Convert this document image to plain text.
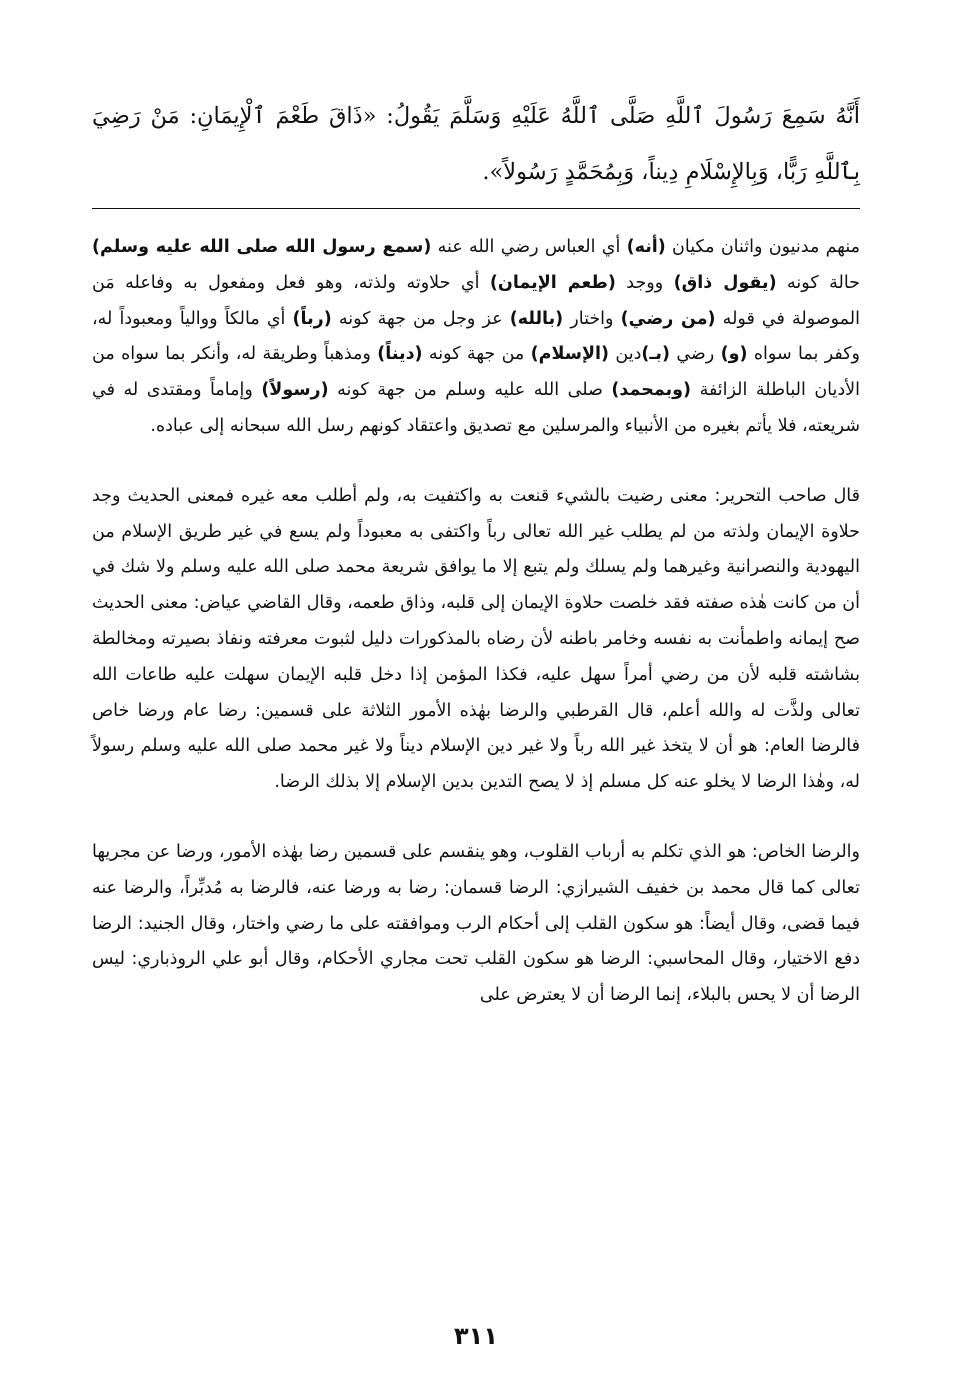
أَنَّهُ سَمِعَ رَسُولَ ٱللَّهِ صَلَّى ٱللَّهُ عَلَيْهِ وَسَلَّمَ يَقُولُ: «ذَاقَ طَعْمَ ٱلْإِيمَانِ: مَنْ رَضِيَ بِٱللَّهِ رَبًّا، وَبِالإِسْلَامِ دِيناً، وَبِمُحَمَّدٍ رَسُولاً».

منهم مدنيون واثنان مكيان (أنه) أي العباس رضي الله عنه (سمع رسول الله صلى الله عليه وسلم) حالة كونه (يقول ذاق) ووجد (طعم الإيمان) أي حلاوته ولذته، وهو فعل ومفعول به وفاعله مَن الموصولة في قوله (من رضي) واختار (بالله) عز وجل من جهة كونه (رباً) أي مالكاً ووالياً ومعبوداً له، وكفر بما سواه (و) رضي (بـ)دين (الإسلام) من جهة كونه (ديناً) ومذهباً وطريقة له، وأنكر بما سواه من الأديان الباطلة الزائفة (وبمحمد) صلى الله عليه وسلم من جهة كونه (رسولاً) وإماماً ومقتدى له في شريعته، فلا يأتم بغيره من الأنبياء والمرسلين مع تصديق واعتقاد كونهم رسل الله سبحانه إلى عباده.

قال صاحب التحرير: معنى رضيت بالشيء قنعت به واكتفيت به، ولم أطلب معه غيره فمعنى الحديث وجد حلاوة الإيمان ولذته من لم يطلب غير الله تعالى رباً واكتفى به معبوداً ولم يسع في غير طريق الإسلام من اليهودية والنصرانية وغيرهما ولم يسلك ولم يتبع إلا ما يوافق شريعة محمد صلى الله عليه وسلم ولا شك في أن من كانت هٰذه صفته فقد خلصت حلاوة الإيمان إلى قلبه، وذاق طعمه، وقال القاضي عياض: معنى الحديث صح إيمانه واطمأنت به نفسه وخامر باطنه لأن رضاه بالمذكورات دليل لثبوت معرفته ونفاذ بصيرته ومخالطة بشاشته قلبه لأن من رضي أمراً سهل عليه، فكذا المؤمن إذا دخل قلبه الإيمان سهلت عليه طاعات الله تعالى ولذَّت له والله أعلم، قال القرطبي والرضا بهٰذه الأمور الثلاثة على قسمين: رضا عام ورضا خاص فالرضا العام: هو أن لا يتخذ غير الله رباً ولا غير دين الإسلام ديناً ولا غير محمد صلى الله عليه وسلم رسولاً له، وهٰذا الرضا لا يخلو عنه كل مسلم إذ لا يصح التدين بدين الإسلام إلا بذلك الرضا.

والرضا الخاص: هو الذي تكلم به أرباب القلوب، وهو ينقسم على قسمين رضا بهٰذه الأمور، ورضا عن مجريها تعالى كما قال محمد بن خفيف الشيرازي: الرضا قسمان: رضا به ورضا عنه، فالرضا به مُدبِّراً، والرضا عنه فيما قضى، وقال أيضاً: هو سكون القلب إلى أحكام الرب وموافقته على ما رضي واختار، وقال الجنيد: الرضا دفع الاختيار، وقال المحاسبي: الرضا هو سكون القلب تحت مجاري الأحكام، وقال أبو علي الروذباري: ليس الرضا أن لا يحس بالبلاء، إنما الرضا أن لا يعترض على

٣١١
